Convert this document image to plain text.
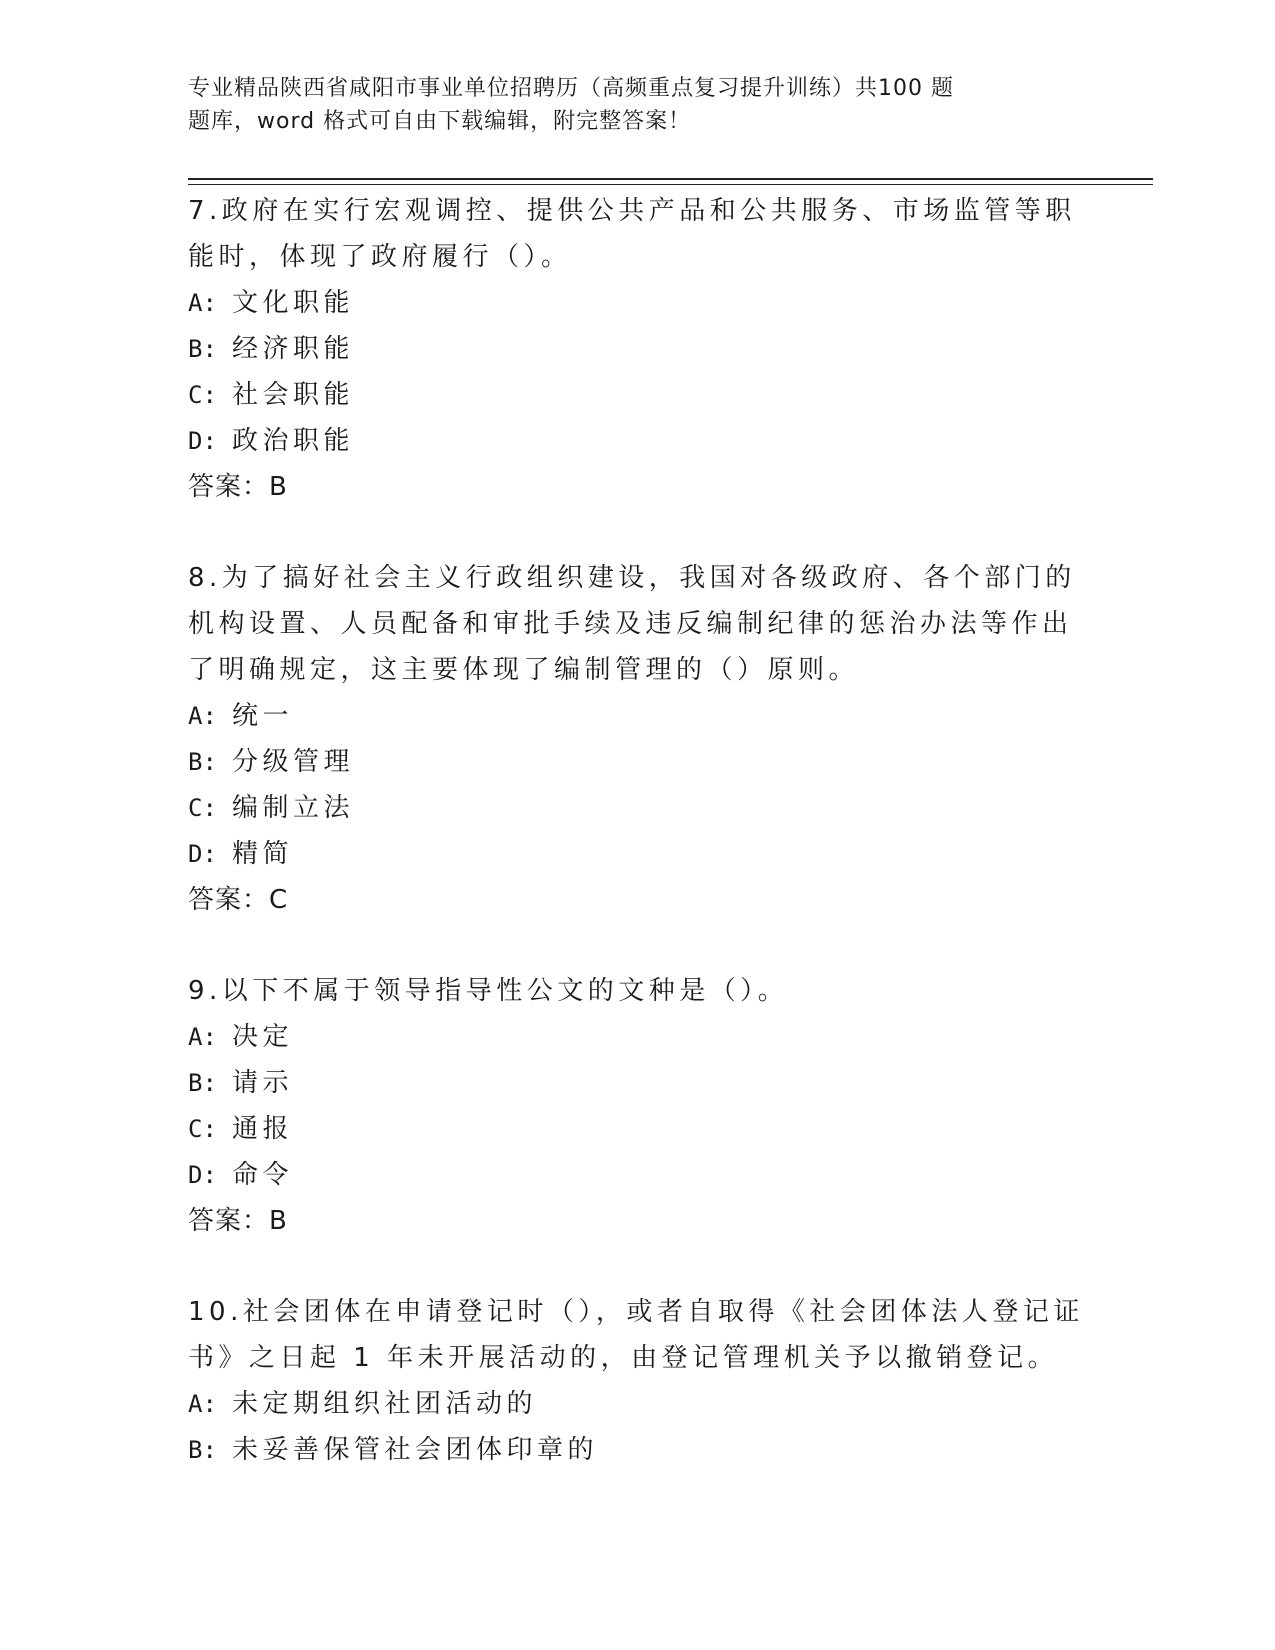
专业精品陕西省咸阳市事业单位招聘历（高频重点复习提升训练）共100 题
题库，word 格式可自由下载编辑，附完整答案！

7.政府在实行宏观调控、提供公共产品和公共服务、市场监管等职能时，体现了政府履行（）。

A: 文化职能
B: 经济职能
C: 社会职能
D: 政治职能
答案：B

8.为了搞好社会主义行政组织建设，我国对各级政府、各个部门的机构设置、人员配备和审批手续及违反编制纪律的惩治办法等作出了明确规定，这主要体现了编制管理的（）原则。

A: 统一
B: 分级管理
C: 编制立法
D: 精简
答案：C

9.以下不属于领导指导性公文的文种是（）。

A: 决定
B: 请示
C: 通报
D: 命令
答案：B

10.社会团体在申请登记时（），或者自取得《社会团体法人登记证书》之日起 1 年未开展活动的，由登记管理机关予以撤销登记。

A: 未定期组织社团活动的
B: 未妥善保管社会团体印章的
